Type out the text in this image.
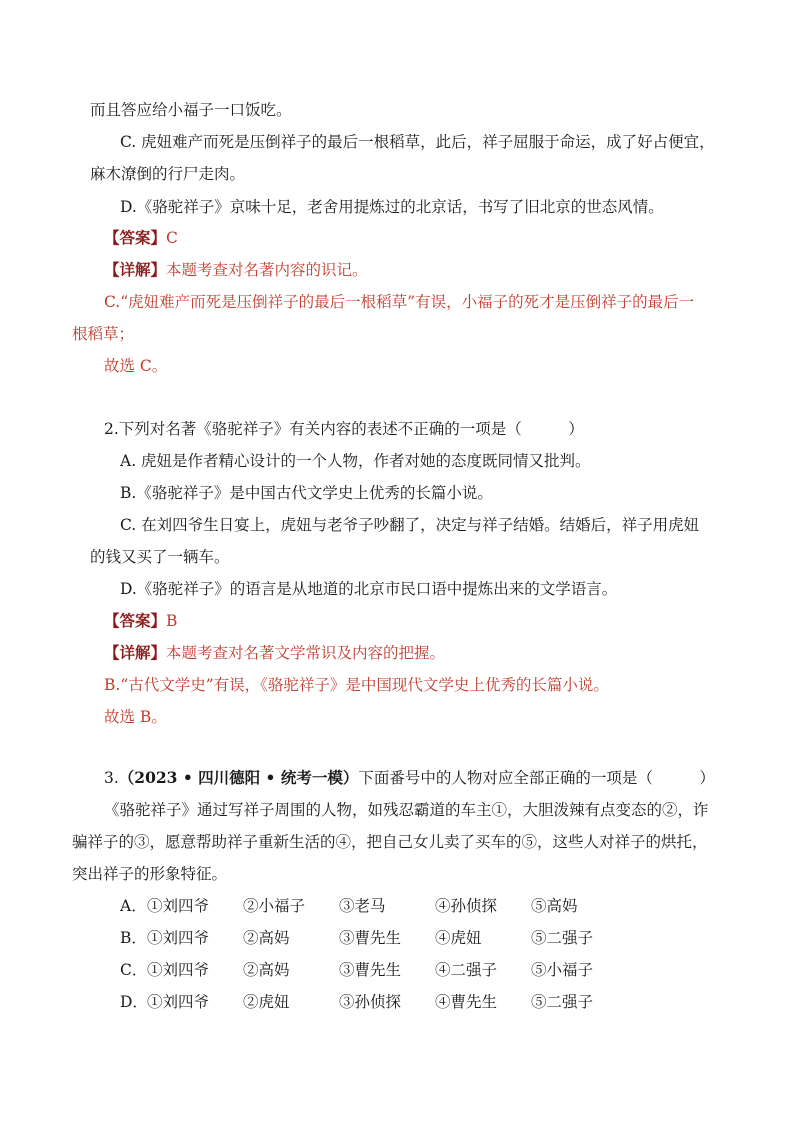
而且答应给小福子一口饭吃。
C. 虎妞难产而死是压倒祥子的最后一根稻草，此后，祥子屈服于命运，成了好占便宜，
麻木潦倒的行尸走肉。
D.《骆驼祥子》京味十足，老舍用提炼过的北京话，书写了旧北京的世态风情。
【答案】C
【详解】本题考查对名著内容的识记。
C.“虎妞难产而死是压倒祥子的最后一根稻草”有误，小福子的死才是压倒祥子的最后一
根稻草；
故选 C。
2.下列对名著《骆驼祥子》有关内容的表述不正确的一项是（　　　）
A. 虎妞是作者精心设计的一个人物，作者对她的态度既同情又批判。
B.《骆驼祥子》是中国古代文学史上优秀的长篇小说。
C. 在刘四爷生日宴上，虎妞与老爷子吵翻了，决定与祥子结婚。结婚后，祥子用虎妞
的钱又买了一辆车。
D.《骆驼祥子》的语言是从地道的北京市民口语中提炼出来的文学语言。
【答案】B
【详解】本题考查对名著文学常识及内容的把握。
B.“古代文学史”有误，《骆驼祥子》是中国现代文学史上优秀的长篇小说。
故选 B。
3.（2023 • 四川德阳 • 统考一模）下面番号中的人物对应全部正确的一项是（　　　）
《骆驼祥子》通过写祥子周围的人物，如残忍霸道的车主①，大胆泼辣有点变态的②，诈
骗祥子的③，愿意帮助祥子重新生活的④，把自己女儿卖了买车的⑤，这些人对祥子的烘托，
突出祥子的形象特征。
A． ①刘四爷 ②小福子 ③老马	④孙侦探 ⑤高妈
B． ①刘四爷 ②高妈	③曹先生 ④虎妞	⑤二强子
C． ①刘四爷 ②高妈	③曹先生 ④二强子 ⑤小福子
D． ①刘四爷 ②虎妞	③孙侦探 ④曹先生 ⑤二强子
